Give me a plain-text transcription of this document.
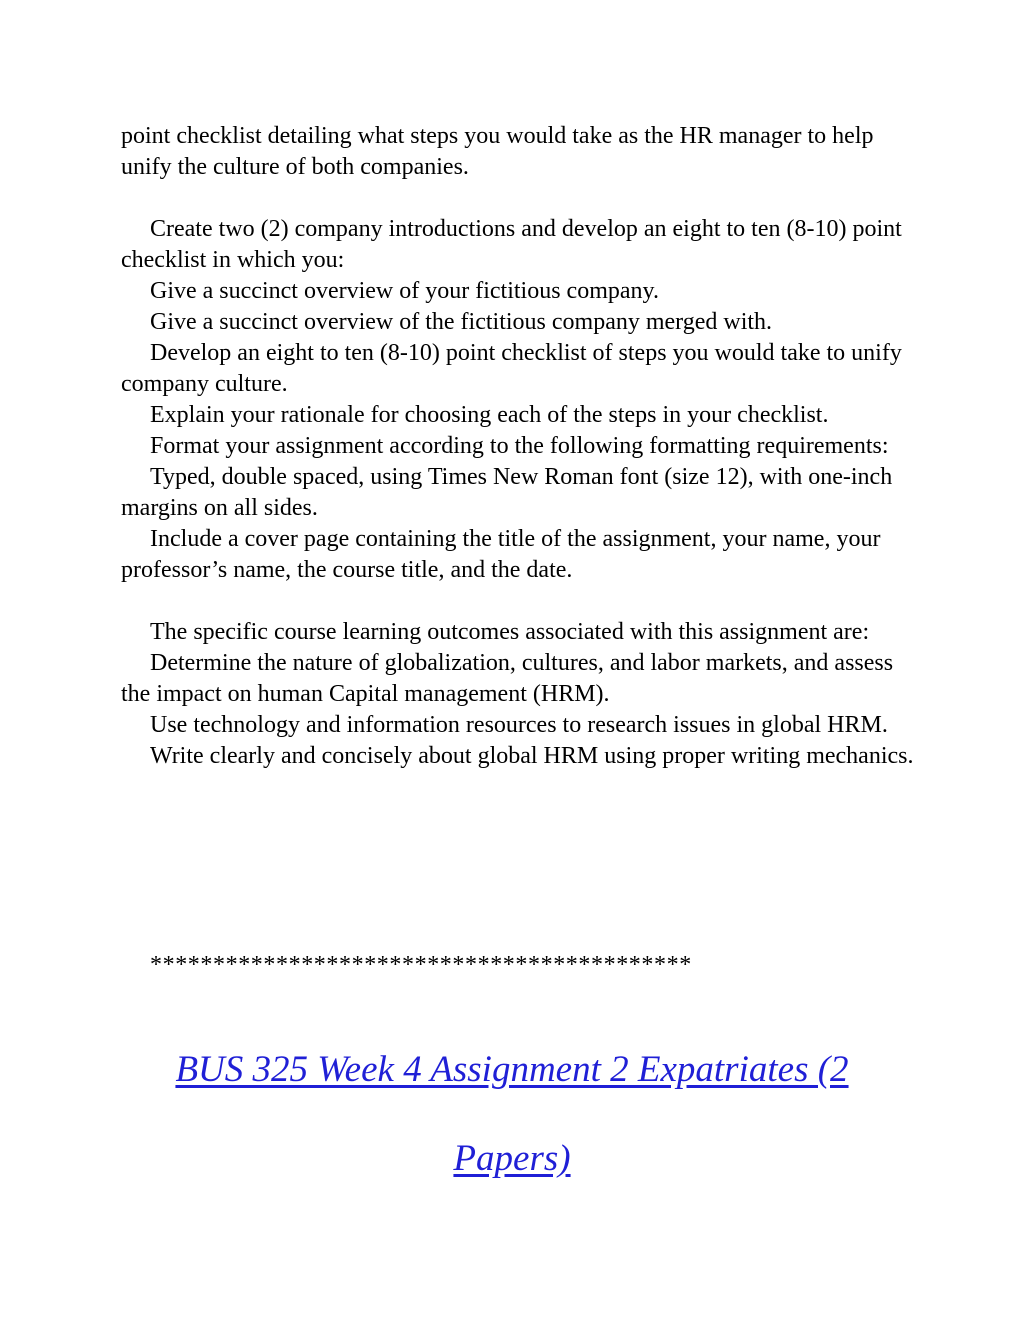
point checklist detailing what steps you would take as the HR manager to help unify the culture of both companies.

Create two (2) company introductions and develop an eight to ten (8-10) point checklist in which you:

Give a succinct overview of your fictitious company.

Give a succinct overview of the fictitious company merged with.

Develop an eight to ten (8-10) point checklist of steps you would take to unify company culture.

Explain your rationale for choosing each of the steps in your checklist.

Format your assignment according to the following formatting requirements:

Typed, double spaced, using Times New Roman font (size 12), with one-inch margins on all sides.

Include a cover page containing the title of the assignment, your name, your professor’s name, the course title, and the date.

The specific course learning outcomes associated with this assignment are:

Determine the nature of globalization, cultures, and labor markets, and assess the impact on human Capital management (HRM).

Use technology and information resources to research issues in global HRM.

Write clearly and concisely about global HRM using proper writing mechanics.

*******************************************
BUS 325 Week 4 Assignment 2 Expatriates (2
Papers)
